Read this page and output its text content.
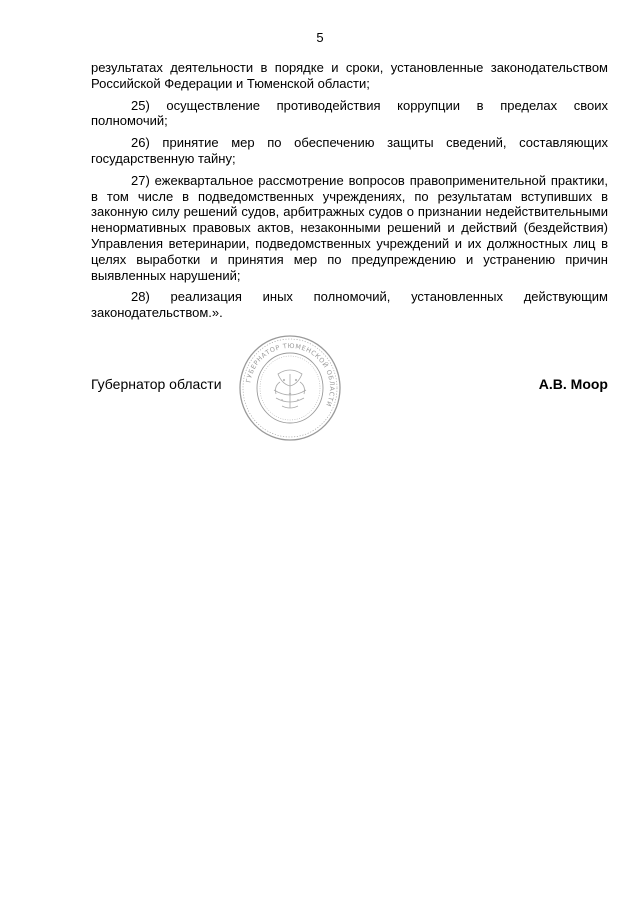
5

результатах деятельности в порядке и сроки, установленные законодательством Российской Федерации и Тюменской области;

25) осуществление противодействия коррупции в пределах своих полномочий;

26) принятие мер по обеспечению защиты сведений, составляющих государственную тайну;

27) ежеквартальное рассмотрение вопросов правоприменительной практики, в том числе в подведомственных учреждениях, по результатам вступивших в законную силу решений судов, арбитражных судов о признании недействительными ненормативных правовых актов, незаконными решений и действий (бездействия) Управления ветеринарии, подведомственных учреждений и их должностных лиц в целях выработки и принятия мер по предупреждению и устранению причин выявленных нарушений;

28) реализация иных полномочий, установленных действующим законодательством.».

Губернатор области	А.В. Моор
ГУБЕРНАТОР ТЮМЕНСКОЙ ОБЛАСТИ
